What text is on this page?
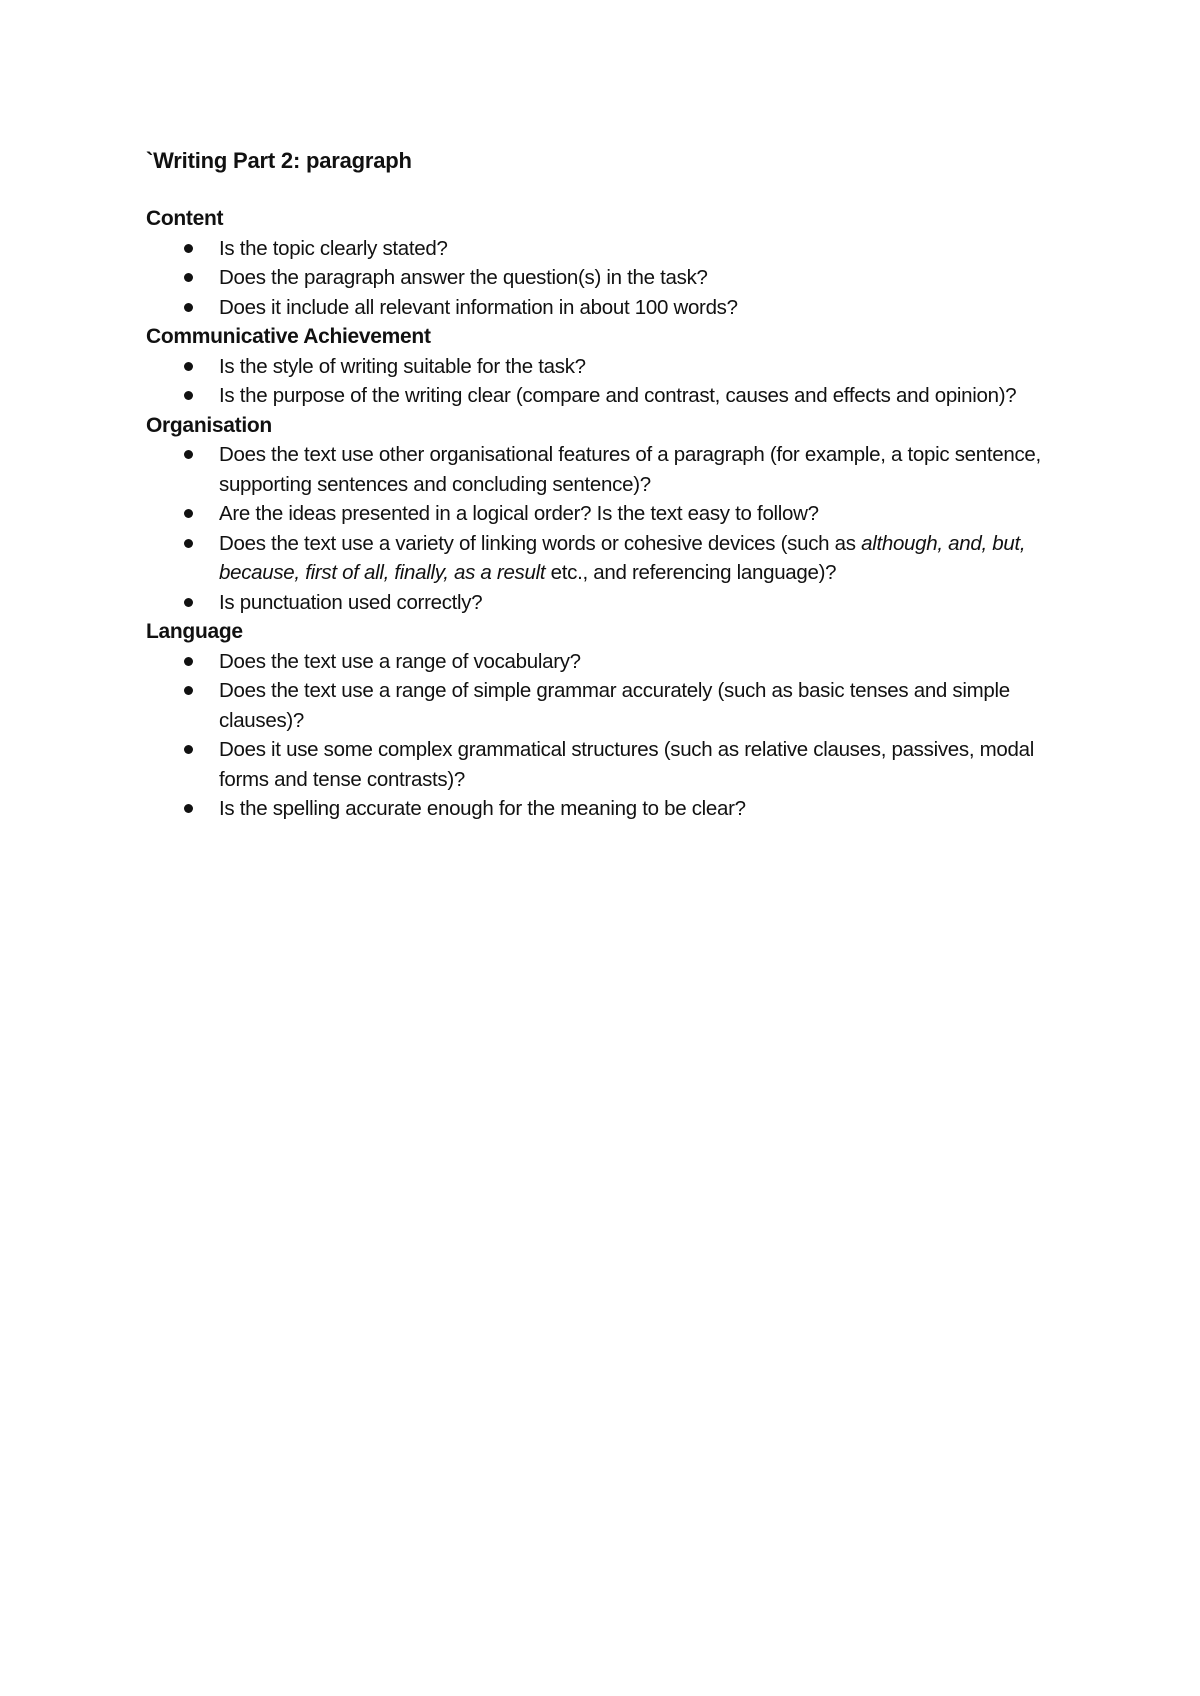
`Writing Part 2: paragraph
Content
Is the topic clearly stated?
Does the paragraph answer the question(s) in the task?
Does it include all relevant information in about 100 words?
Communicative Achievement
Is the style of writing suitable for the task?
Is the purpose of the writing clear (compare and contrast, causes and effects and opinion)?
Organisation
Does the text use other organisational features of a paragraph (for example, a topic sentence, supporting sentences and concluding sentence)?
Are the ideas presented in a logical order? Is the text easy to follow?
Does the text use a variety of linking words or cohesive devices (such as although, and, but, because, first of all, finally, as a result etc., and referencing language)?
Is punctuation used correctly?
Language
Does the text use a range of vocabulary?
Does the text use a range of simple grammar accurately (such as basic tenses and simple clauses)?
Does it use some complex grammatical structures (such as relative clauses, passives, modal forms and tense contrasts)?
Is the spelling accurate enough for the meaning to be clear?
